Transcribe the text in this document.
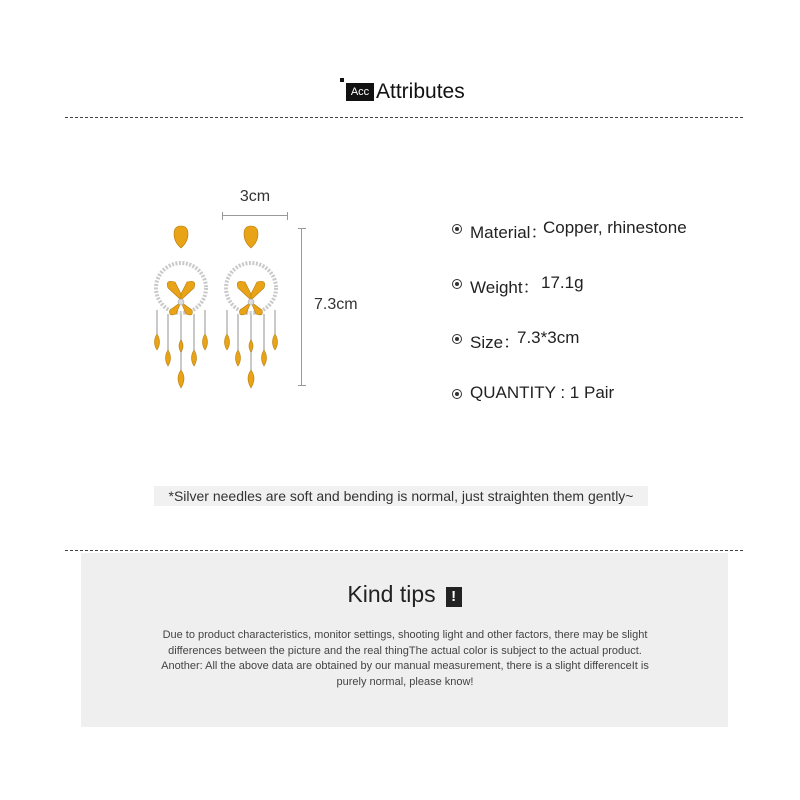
Acc Attributes
3cm
7.3cm
Material：
Copper, rhinestone
Weight： 17.1g
Size：
7.3*3cm
QUANTITY : 1 Pair
*Silver needles are soft and bending is normal, just straighten them gently~
Kind tips !
Due to product characteristics, monitor settings, shooting light and other factors, there may be slight
differences between the picture and the real thingThe actual color is subject to the actual product.
Another: All the above data are obtained by our manual measurement, there is a slight differenceIt is
purely normal, please know!
